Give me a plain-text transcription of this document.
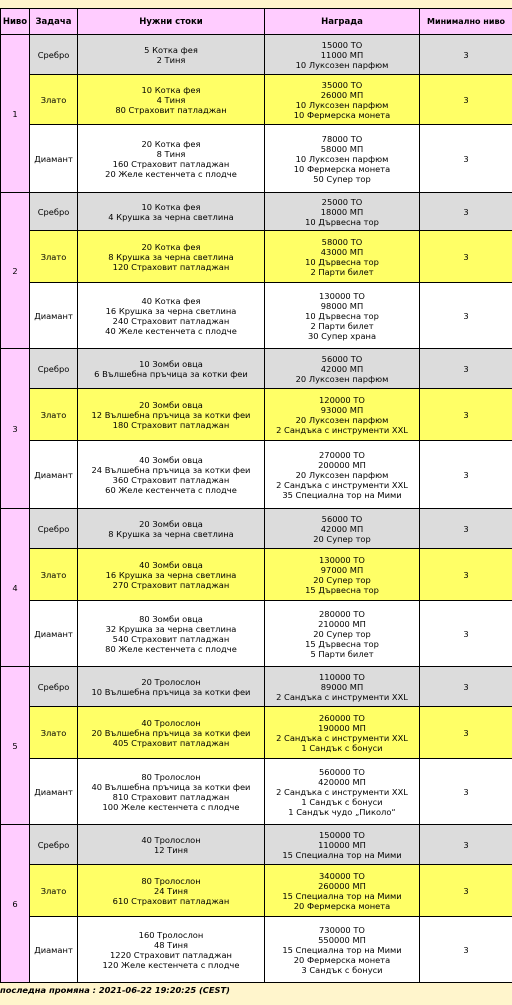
Ниво	Задача	Нужни стоки	Награда	Минимално ниво
1	Сребро	5 Котка фея
2 Тиня	15000 ТО
11000 МП
10 Луксозен парфюм	3
	Злато	10 Котка фея
4 Тиня
80 Страховит патладжан	35000 ТО
26000 МП
10 Луксозен парфюм
10 Фермерска монета	3
	Диамант	20 Котка фея
8 Тиня
160 Страховит патладжан
20 Желе кестенчета с плодче	78000 ТО
58000 МП
10 Луксозен парфюм
10 Фермерска монета
50 Супер тор	3
2	Сребро	10 Котка фея
4 Крушка за черна светлина	25000 ТО
18000 МП
10 Дървесна тор	3
	Злато	20 Котка фея
8 Крушка за черна светлина
120 Страховит патладжан	58000 ТО
43000 МП
10 Дървесна тор
2 Парти билет	3
	Диамант	40 Котка фея
16 Крушка за черна светлина
240 Страховит патладжан
40 Желе кестенчета с плодче	130000 ТО
98000 МП
10 Дървесна тор
2 Парти билет
30 Супер храна	3
3	Сребро	10 Зомби овца
6 Вълшебна пръчица за котки феи	56000 ТО
42000 МП
20 Луксозен парфюм	3
	Злато	20 Зомби овца
12 Вълшебна пръчица за котки феи
180 Страховит патладжан	120000 ТО
93000 МП
20 Луксозен парфюм
2 Сандъка с инструменти XXL	3
	Диамант	40 Зомби овца
24 Вълшебна пръчица за котки феи
360 Страховит патладжан
60 Желе кестенчета с плодче	270000 ТО
200000 МП
20 Луксозен парфюм
2 Сандъка с инструменти XXL
35 Специална тор на Мими	3
4	Сребро	20 Зомби овца
8 Крушка за черна светлина	56000 ТО
42000 МП
20 Супер тор	3
	Злато	40 Зомби овца
16 Крушка за черна светлина
270 Страховит патладжан	130000 ТО
97000 МП
20 Супер тор
15 Дървесна тор	3
	Диамант	80 Зомби овца
32 Крушка за черна светлина
540 Страховит патладжан
80 Желе кестенчета с плодче	280000 ТО
210000 МП
20 Супер тор
15 Дървесна тор
5 Парти билет	3
5	Сребро	20 Тролослон
10 Вълшебна пръчица за котки феи	110000 ТО
89000 МП
2 Сандъка с инструменти XXL	3
	Злато	40 Тролослон
20 Вълшебна пръчица за котки феи
405 Страховит патладжан	260000 ТО
190000 МП
2 Сандъка с инструменти XXL
1 Сандък с бонуси	3
	Диамант	80 Тролослон
40 Вълшебна пръчица за котки феи
810 Страховит патладжан
100 Желе кестенчета с плодче	560000 ТО
420000 МП
2 Сандъка с инструменти XXL
1 Сандък с бонуси
1 Сандък чудо „Пиколо“	3
6	Сребро	40 Тролослон
12 Тиня	150000 ТО
110000 МП
15 Специална тор на Мими	3
	Злато	80 Тролослон
24 Тиня
610 Страховит патладжан	340000 ТО
260000 МП
15 Специална тор на Мими
20 Фермерска монета	3
	Диамант	160 Тролослон
48 Тиня
1220 Страховит патладжан
120 Желе кестенчета с плодче	730000 ТО
550000 МП
15 Специална тор на Мими
20 Фермерска монета
3 Сандък с бонуси	3
последна промяна : 2021-06-22 19:20:25 (CEST)
